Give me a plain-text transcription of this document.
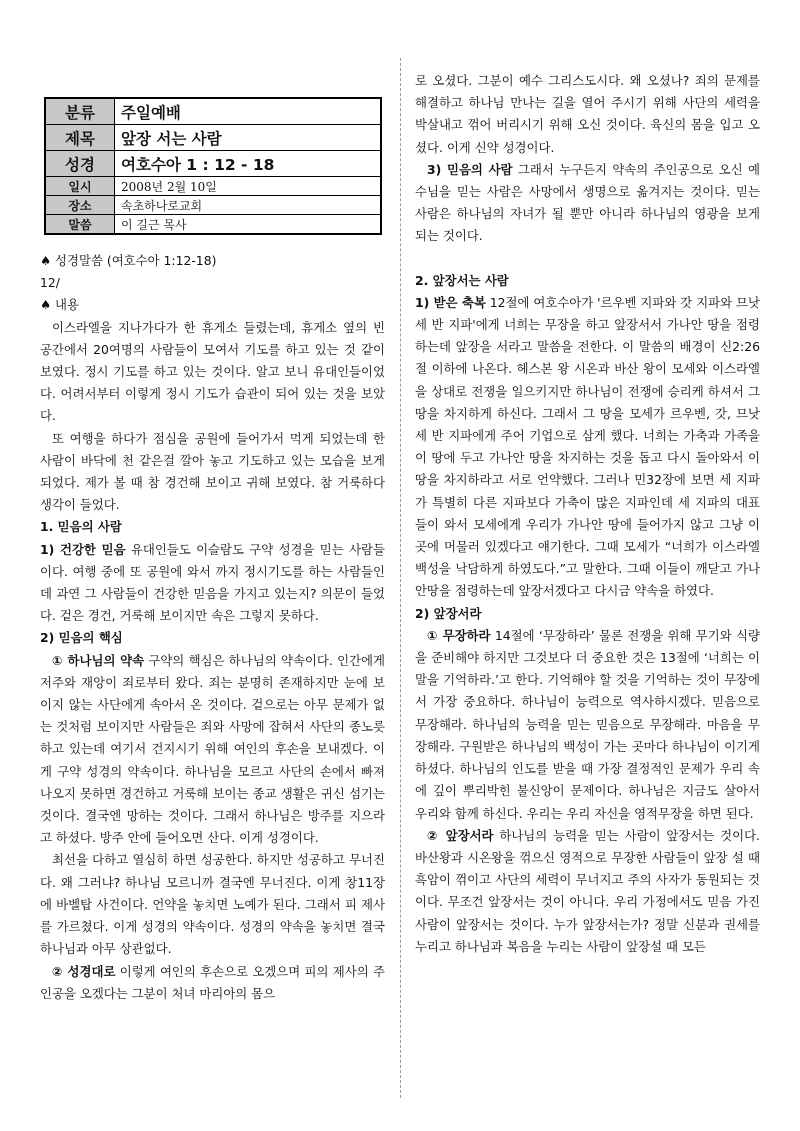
분류	주일예배
제목	앞장 서는 사람
성경	여호수아 1 : 12 - 18
일시	2008년 2월 10일
장소	속초하나로교회
말씀	이 길근 목사

♠ 성경말씀 (여호수아 1:12-18)

12/

♠ 내용

이스라엘을 지나가다가 한 휴게소 들렸는데, 휴게소 옆의 빈 공간에서 20여명의 사람들이 모여서 기도를 하고 있는 것 같이 보였다. 정시 기도를 하고 있는 것이다. 알고 보니 유대인들이었다. 어려서부터 이렇게 정시 기도가 습관이 되어 있는 것을 보았다.

또 여행을 하다가 점심을 공원에 들어가서 먹게 되었는데 한 사람이 바닥에 천 같은걸 깔아 놓고 기도하고 있는 모습을 보게 되었다. 제가 볼 때 참 경건해 보이고 귀해 보였다. 참 거룩하다 생각이 들었다.

1. 믿음의 사람

1) 건강한 믿음 유대인들도 이슬람도 구약 성경을 믿는 사람들이다. 여행 중에 또 공원에 와서 까지 정시기도를 하는 사람들인데 과연 그 사람들이 건강한 믿음을 가지고 있는지? 의문이 들었다. 겉은 경건, 거룩해 보이지만 속은 그렇지 못하다.

2) 믿음의 핵심

① 하나님의 약속 구약의 핵심은 하나님의 약속이다. 인간에게 저주와 재앙이 죄로부터 왔다. 죄는 분명히 존재하지만 눈에 보이지 않는 사단에게 속아서 온 것이다. 겉으로는 아무 문제가 없는 것처럼 보이지만 사람들은 죄와 사망에 잡혀서 사단의 종노릇 하고 있는데 여기서 건지시기 위해 여인의 후손을 보내겠다. 이게 구약 성경의 약속이다. 하나님을 모르고 사단의 손에서 빠져 나오지 못하면 경건하고 거룩해 보이는 종교 생활은 귀신 섬기는 것이다. 결국엔 망하는 것이다. 그래서 하나님은 방주를 지으라고 하셨다. 방주 안에 들어오면 산다. 이게 성경이다.

최선을 다하고 열심히 하면 성공한다. 하지만 성공하고 무너진다. 왜 그러냐? 하나님 모르니까 결국엔 무너진다. 이게 창11장에 바벨탑 사건이다. 언약을 놓치면 노예가 된다. 그래서 피 제사를 가르쳤다. 이게 성경의 약속이다. 성경의 약속을 놓치면 결국 하나님과 아무 상관없다.

② 성경대로 이렇게 여인의 후손으로 오겠으며 피의 제사의 주인공을 오겠다는 그분이 처녀 마리아의 몸으

로 오셨다. 그분이 예수 그리스도시다. 왜 오셨나? 죄의 문제를 해결하고 하나님 만나는 길을 열어 주시기 위해 사단의 세력을 박살내고 꺾어 버리시기 위해 오신 것이다. 육신의 몸을 입고 오셨다. 이게 신약 성경이다.

3) 믿음의 사람 그래서 누구든지 약속의 주인공으로 오신 예수님을 믿는 사람은 사망에서 생명으로 옮겨지는 것이다. 믿는 사람은 하나님의 자녀가 될 뿐만 아니라 하나님의 영광을 보게 되는 것이다.

2. 앞장서는 사람

1) 받은 축복 12절에 여호수아가 '르우벤 지파와 갓 지파와 므낫세 반 지파'에게 너희는 무장을 하고 앞장서서 가나안 땅을 점령하는데 앞장을 서라고 말씀을 전한다. 이 말씀의 배경이 신2:26절 이하에 나온다. 헤스본 왕 시온과 바산 왕이 모세와 이스라엘을 상대로 전쟁을 일으키지만 하나님이 전쟁에 승리케 하셔서 그 땅을 차지하게 하신다. 그래서 그 땅을 모세가 르우벤, 갓, 므낫세 반 지파에게 주어 기업으로 삼게 했다. 너희는 가축과 가족을 이 땅에 두고 가나안 땅을 차지하는 것을 돕고 다시 돌아와서 이 땅을 차지하라고 서로 언약했다. 그러나 민32장에 보면 세 지파가 특별히 다른 지파보다 가축이 많은 지파인데 세 지파의 대표들이 와서 모세에게 우리가 가나안 땅에 들어가지 않고 그냥 이곳에 머물러 있겠다고 얘기한다. 그때 모세가 “너희가 이스라엘 백성을 낙담하게 하였도다.”고 말한다. 그때 이들이 깨닫고 가나안땅을 점령하는데 앞장서겠다고 다시금 약속을 하였다.

2) 앞장서라

① 무장하라 14절에 ‘무장하라’ 물론 전쟁을 위해 무기와 식량을 준비해야 하지만 그것보다 더 중요한 것은 13절에 ‘너희는 이 말을 기억하라.’고 한다. 기억해야 할 것을 기억하는 것이 무장에서 가장 중요하다. 하나님이 능력으로 역사하시겠다. 믿음으로 무장해라. 하나님의 능력을 믿는 믿음으로 무장해라. 마음을 무장해라. 구원받은 하나님의 백성이 가는 곳마다 하나님이 이기게 하셨다. 하나님의 인도를 받을 때 가장 결정적인 문제가 우리 속에 깊이 뿌리박힌 불신앙이 문제이다. 하나님은 지금도 살아서 우리와 함께 하신다. 우리는 우리 자신을 영적무장을 하면 된다.

② 앞장서라 하나님의 능력을 믿는 사람이 앞장서는 것이다. 바산왕과 시온왕을 꺾으신 영적으로 무장한 사람들이 앞장 설 때 흑암이 꺾이고 사단의 세력이 무너지고 주의 사자가 동원되는 것이다. 무조건 앞장서는 것이 아니다. 우리 가정에서도 믿음 가진 사람이 앞장서는 것이다. 누가 앞장서는가? 정말 신분과 권세를 누리고 하나님과 복음을 누리는 사람이 앞장설 때 모든
